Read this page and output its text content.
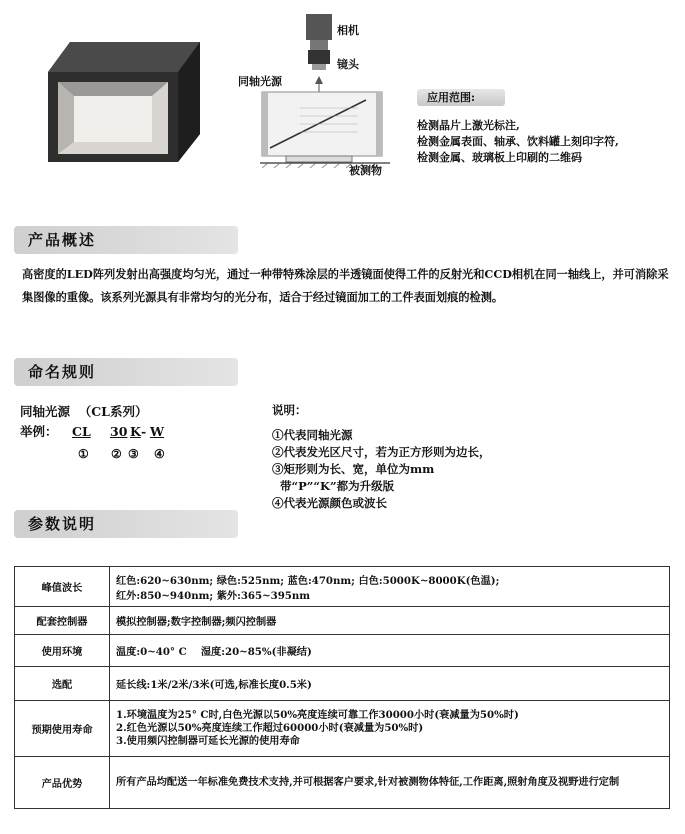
相机
镜头
同轴光源
被测物
应用范围:
检测晶片上激光标注,
检测金属表面、轴承、饮料罐上刻印字符,
检测金属、玻璃板上印刷的二维码
产品概述
高密度的LED阵列发射出高强度均匀光，通过一种带特殊涂层的半透镜面使得工件的反射光和CCD相机在同一轴线上，并可消除采集图像的重像。该系列光源具有非常均匀的光分布，适合于经过镜面加工的工件表面划痕的检测。
命名规则
同轴光源  （CL系列）
举例： CL 30 K - W
① ② ③ ④
说明：
①代表同轴光源
②代表发光区尺寸，若为正方形则为边长，
③矩形则为长、宽，单位为mm
带“P”“K”都为升级版
④代表光源颜色或波长
参数说明
峰值波长	红色:620~630nm; 绿色:525nm; 蓝色:470nm; 白色:5000K~8000K(色温);
红外:850~940nm; 紫外:365~395nm
配套控制器	模拟控制器;数字控制器;频闪控制器
使用环境	温度:0~40° C    湿度:20~85%(非凝结)
选配	延长线:1米/2米/3米(可选,标准长度0.5米)
预期使用寿命	1.环境温度为25° C时,白色光源以50%亮度连续可靠工作30000小时(衰减量为50%时)
2.红色光源以50%亮度连续工作超过60000小时(衰减量为50%时)
3.使用频闪控制器可延长光源的使用寿命
产品优势	所有产品均配送一年标准免费技术支持,并可根据客户要求,针对被测物体特征,工作距离,照射角度及视野进行定制
